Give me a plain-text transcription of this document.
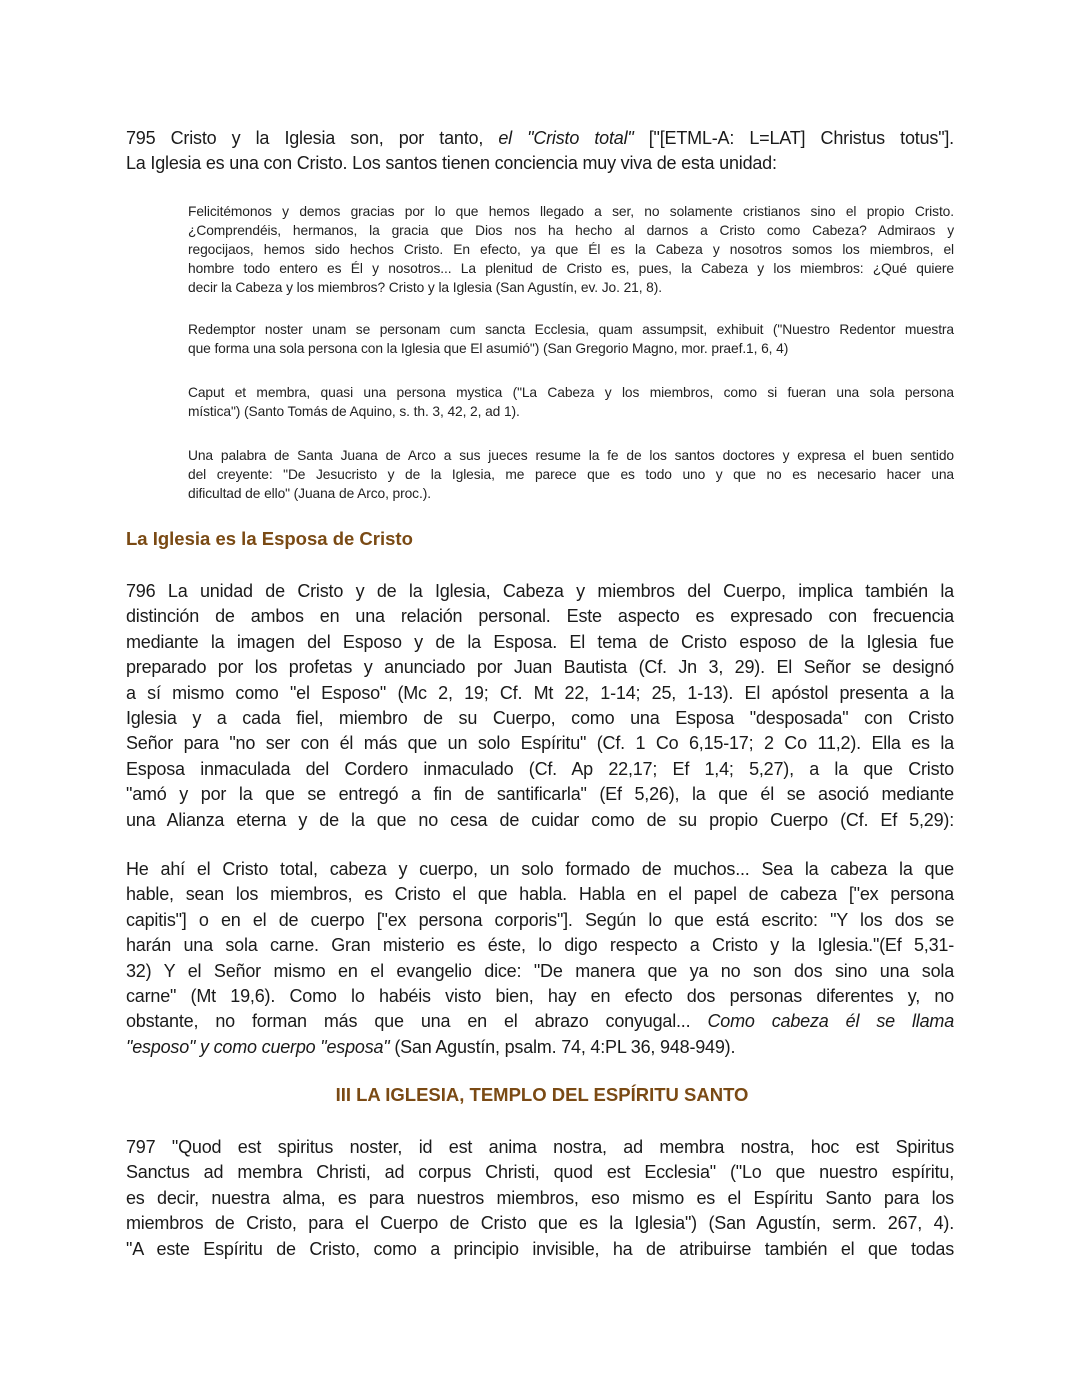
795 Cristo y la Iglesia son, por tanto, el "Cristo total" ["[ETML-A: L=LAT] Christus totus"].
La Iglesia es una con Cristo. Los santos tienen conciencia muy viva de esta unidad:
Felicitémonos y demos gracias por lo que hemos llegado a ser, no solamente cristianos sino el propio Cristo.
¿Comprendéis, hermanos, la gracia que Dios nos ha hecho al darnos a Cristo como Cabeza? Admiraos y
regocijaos, hemos sido hechos Cristo. En efecto, ya que Él es la Cabeza y nosotros somos los miembros, el
hombre todo entero es Él y nosotros... La plenitud de Cristo es, pues, la Cabeza y los miembros: ¿Qué quiere
decir la Cabeza y los miembros? Cristo y la Iglesia (San Agustín, ev. Jo. 21, 8).
Redemptor noster unam se personam cum sancta Ecclesia, quam assumpsit, exhibuit ("Nuestro Redentor muestra
que forma una sola persona con la Iglesia que El asumió") (San Gregorio Magno, mor. praef.1, 6, 4)
Caput et membra, quasi una persona mystica ("La Cabeza y los miembros, como si fueran una sola persona
mística") (Santo Tomás de Aquino, s. th. 3, 42, 2, ad 1).
Una palabra de Santa Juana de Arco a sus jueces resume la fe de los santos doctores y expresa el buen sentido
del creyente: "De Jesucristo y de la Iglesia, me parece que es todo uno y que no es necesario hacer una
dificultad de ello" (Juana de Arco, proc.).
La Iglesia es la Esposa de Cristo
796 La unidad de Cristo y de la Iglesia, Cabeza y miembros del Cuerpo, implica también la
distinción de ambos en una relación personal. Este aspecto es expresado con frecuencia
mediante la imagen del Esposo y de la Esposa. El tema de Cristo esposo de la Iglesia fue
preparado por los profetas y anunciado por Juan Bautista (Cf. Jn 3, 29). El Señor se designó
a sí mismo como "el Esposo" (Mc 2, 19; Cf. Mt 22, 1-14; 25, 1-13). El apóstol presenta a la
Iglesia y a cada fiel, miembro de su Cuerpo, como una Esposa "desposada" con Cristo
Señor para "no ser con él más que un solo Espíritu" (Cf. 1 Co 6,15-17; 2 Co 11,2). Ella es la
Esposa inmaculada del Cordero inmaculado (Cf. Ap 22,17; Ef 1,4; 5,27), a la que Cristo
"amó y por la que se entregó a fin de santificarla" (Ef 5,26), la que él se asoció mediante
una Alianza eterna y de la que no cesa de cuidar como de su propio Cuerpo (Cf. Ef 5,29):
He ahí el Cristo total, cabeza y cuerpo, un solo formado de muchos... Sea la cabeza la que
hable, sean los miembros, es Cristo el que habla. Habla en el papel de cabeza ["ex persona
capitis"] o en el de cuerpo ["ex persona corporis"]. Según lo que está escrito: "Y los dos se
harán una sola carne. Gran misterio es éste, lo digo respecto a Cristo y la Iglesia."(Ef 5,31-
32) Y el Señor mismo en el evangelio dice: "De manera que ya no son dos sino una sola
carne" (Mt 19,6). Como lo habéis visto bien, hay en efecto dos personas diferentes y, no
obstante, no forman más que una en el abrazo conyugal... Como cabeza él se llama
"esposo" y como cuerpo "esposa" (San Agustín, psalm. 74, 4:PL 36, 948-949).
III LA IGLESIA, TEMPLO DEL ESPÍRITU SANTO
797 "Quod est spiritus noster, id est anima nostra, ad membra nostra, hoc est Spiritus
Sanctus ad membra Christi, ad corpus Christi, quod est Ecclesia" ("Lo que nuestro espíritu,
es decir, nuestra alma, es para nuestros miembros, eso mismo es el Espíritu Santo para los
miembros de Cristo, para el Cuerpo de Cristo que es la Iglesia") (San Agustín, serm. 267, 4).
"A este Espíritu de Cristo, como a principio invisible, ha de atribuirse también el que todas
